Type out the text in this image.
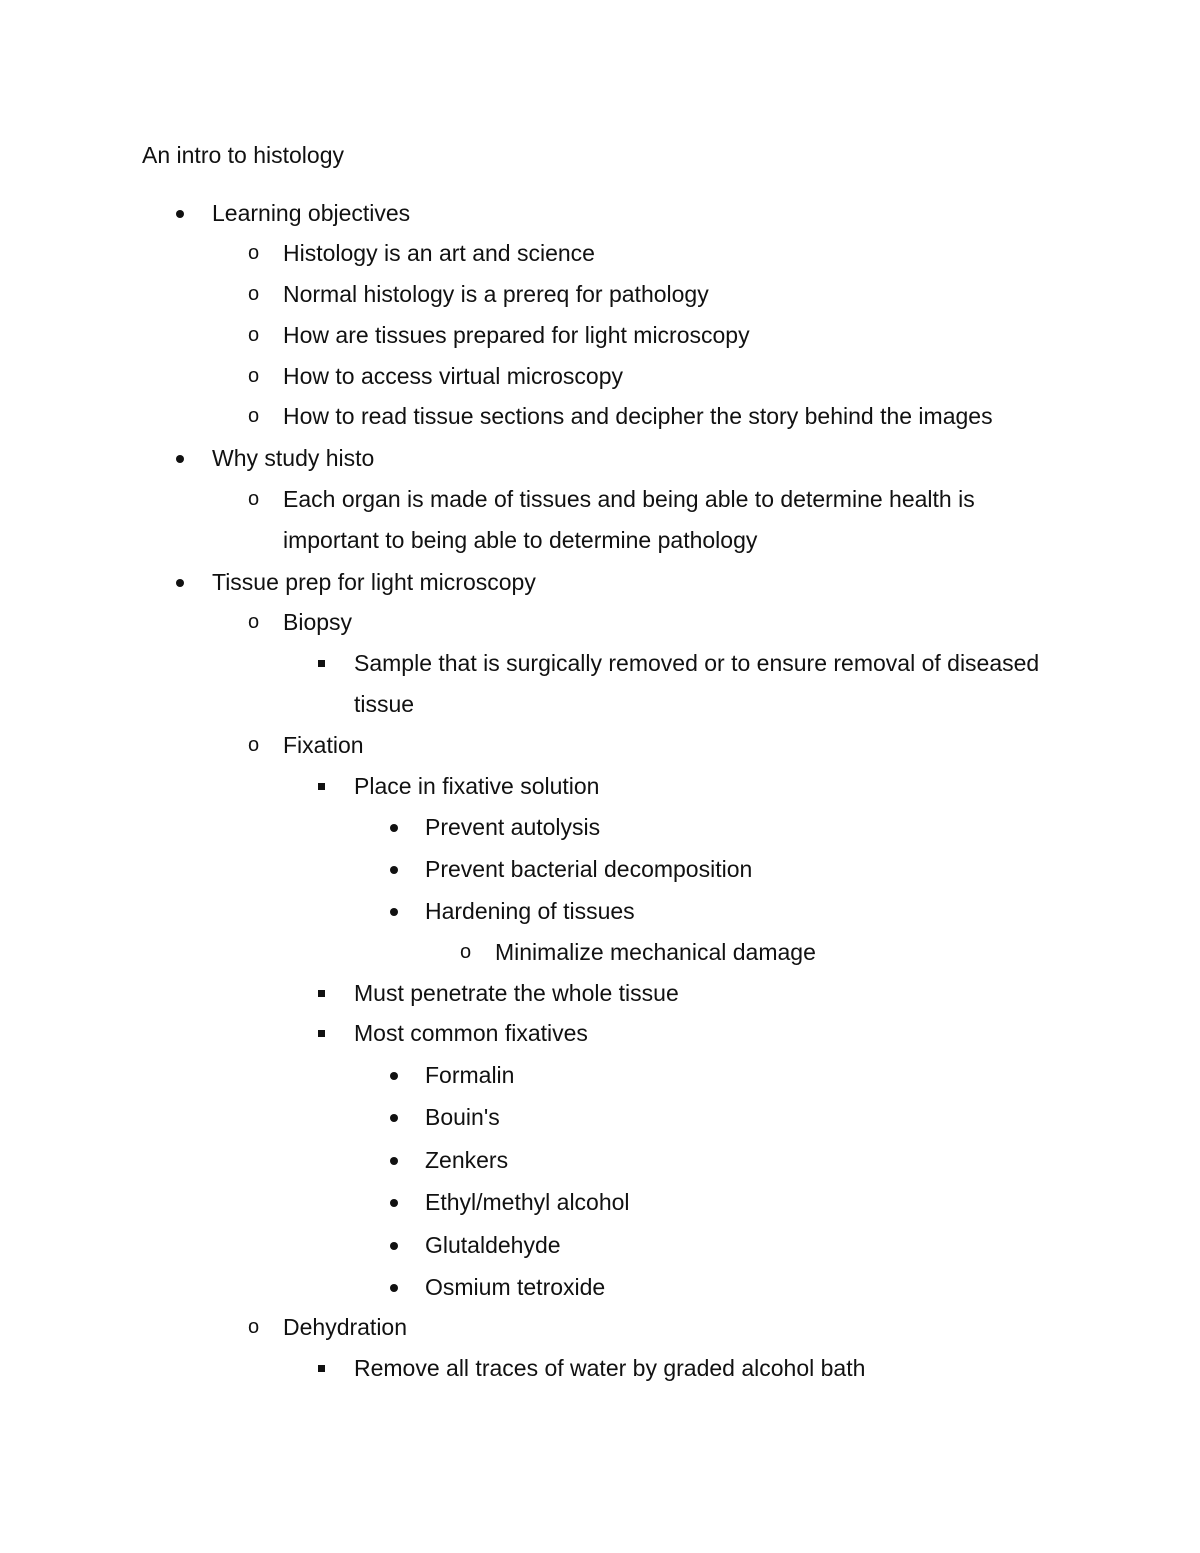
An intro to histology
Learning objectives
Histology is an art and science
Normal histology is a prereq for pathology
How are tissues prepared for light microscopy
How to access virtual microscopy
How to read tissue sections and decipher the story behind the images
Why study histo
Each organ is made of tissues and being able to determine health is
important to being able to determine pathology
Tissue prep for light microscopy
Biopsy
Sample that is surgically removed or to ensure removal of diseased
tissue
Fixation
Place in fixative solution
Prevent autolysis
Prevent bacterial decomposition
Hardening of tissues
Minimalize mechanical damage
Must penetrate the whole tissue
Most common fixatives
Formalin
Bouin's
Zenkers
Ethyl/methyl alcohol
Glutaldehyde
Osmium tetroxide
Dehydration
Remove all traces of water by graded alcohol bath
